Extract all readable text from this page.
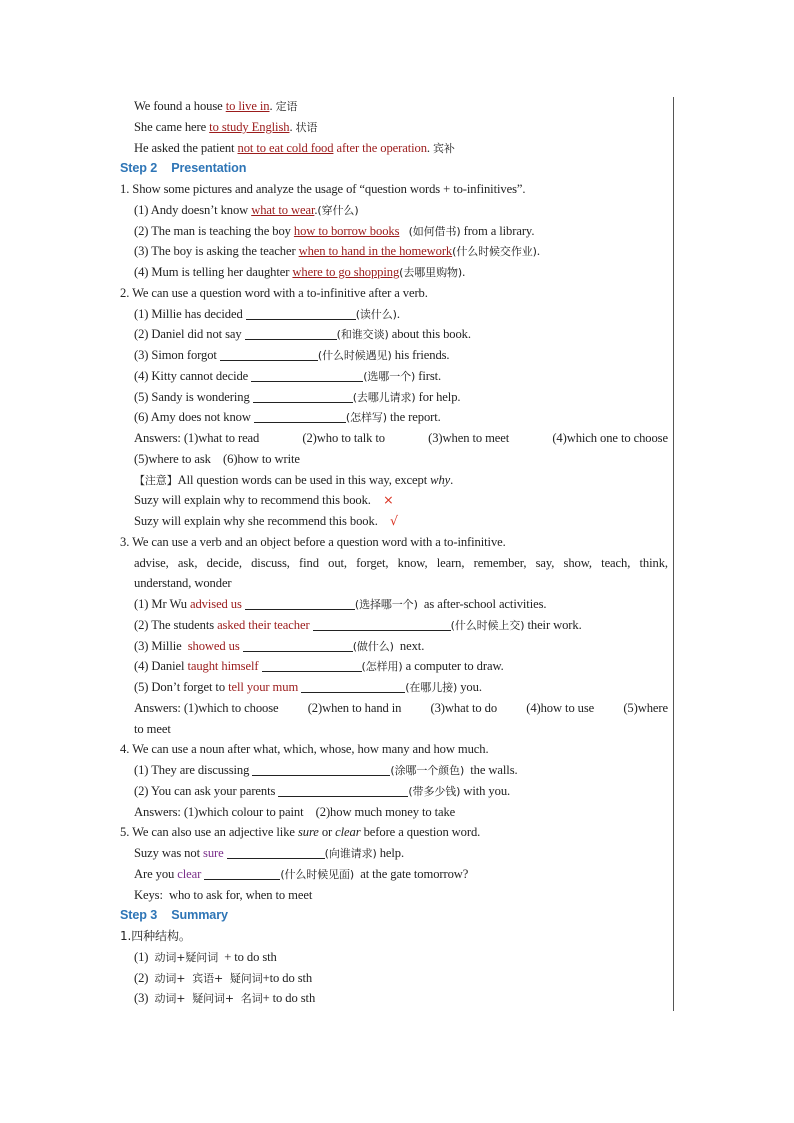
We found a house to live in. 定语
She came here to study English. 状语
He asked the patient not to eat cold food after the operation. 宾补
Step 2 Presentation
1. Show some pictures and analyze the usage of “question words + to-infinitives”.
(1) Andy doesn’t know what to wear.(穿什么)
(2) The man is teaching the boy how to borrow books (如何借书) from a library.
(3) The boy is asking the teacher when to hand in the homework(什么时候交作业).
(4) Mum is telling her daughter where to go shopping(去哪里购物).
2. We can use a question word with a to-infinitive after a verb.
(1) Millie has decided	(读什么).
(2) Daniel did not say	(和谁交谈) about this book.
(3) Simon forgot	(什么时候遇见) his friends.
(4) Kitty cannot decide	(选哪一个) first.
(5) Sandy is wondering	(去哪儿请求) for help.
(6) Amy does not know	(怎样写) the report.
Answers: (1)what to read	(2)who to talk to	(3)when to meet	(4)which one to choose
(5)where to ask    (6)how to write
【注意】All question words can be used in this way, except why.
Suzy will explain why to recommend this book. ×
Suzy will explain why she recommend this book. √
3. We can use a verb and an object before a question word with a to-infinitive.
advise, ask, decide, discuss, find out, forget, know, learn, remember, say, show, teach, think,
understand, wonder
(1) Mr Wu advised us	(选择哪一个)  as after-school activities.
(2) The students asked their teacher	(什么时候上交) their work.
(3) Millie  showed us	(做什么)  next.
(4) Daniel taught himself	(怎样用) a computer to draw.
(5) Don’t forget to tell your mum	(在哪儿接) you.
Answers: (1)which to choose (2)when to hand in (3)what to do (4)how to use (5)where
to meet
4. We can use a noun after what, which, whose, how many and how much.
(1) They are discussing	(涂哪一个颜色)  the walls.
(2) You can ask your parents	(带多少钱) with you.
Answers: (1)which colour to paint    (2)how much money to take
5. We can also use an adjective like sure or clear before a question word.
Suzy was not sure	(向谁请求) help.
Are you clear	(什么时候见面)  at the gate tomorrow?
Keys:  who to ask for, when to meet
Step 3 Summary
1.四种结构。
(1)  动词+疑问词  + to do sth
(2)  动词+  宾语+  疑问词+to do sth
(3)  动词+  疑问词+  名词+ to do sth
